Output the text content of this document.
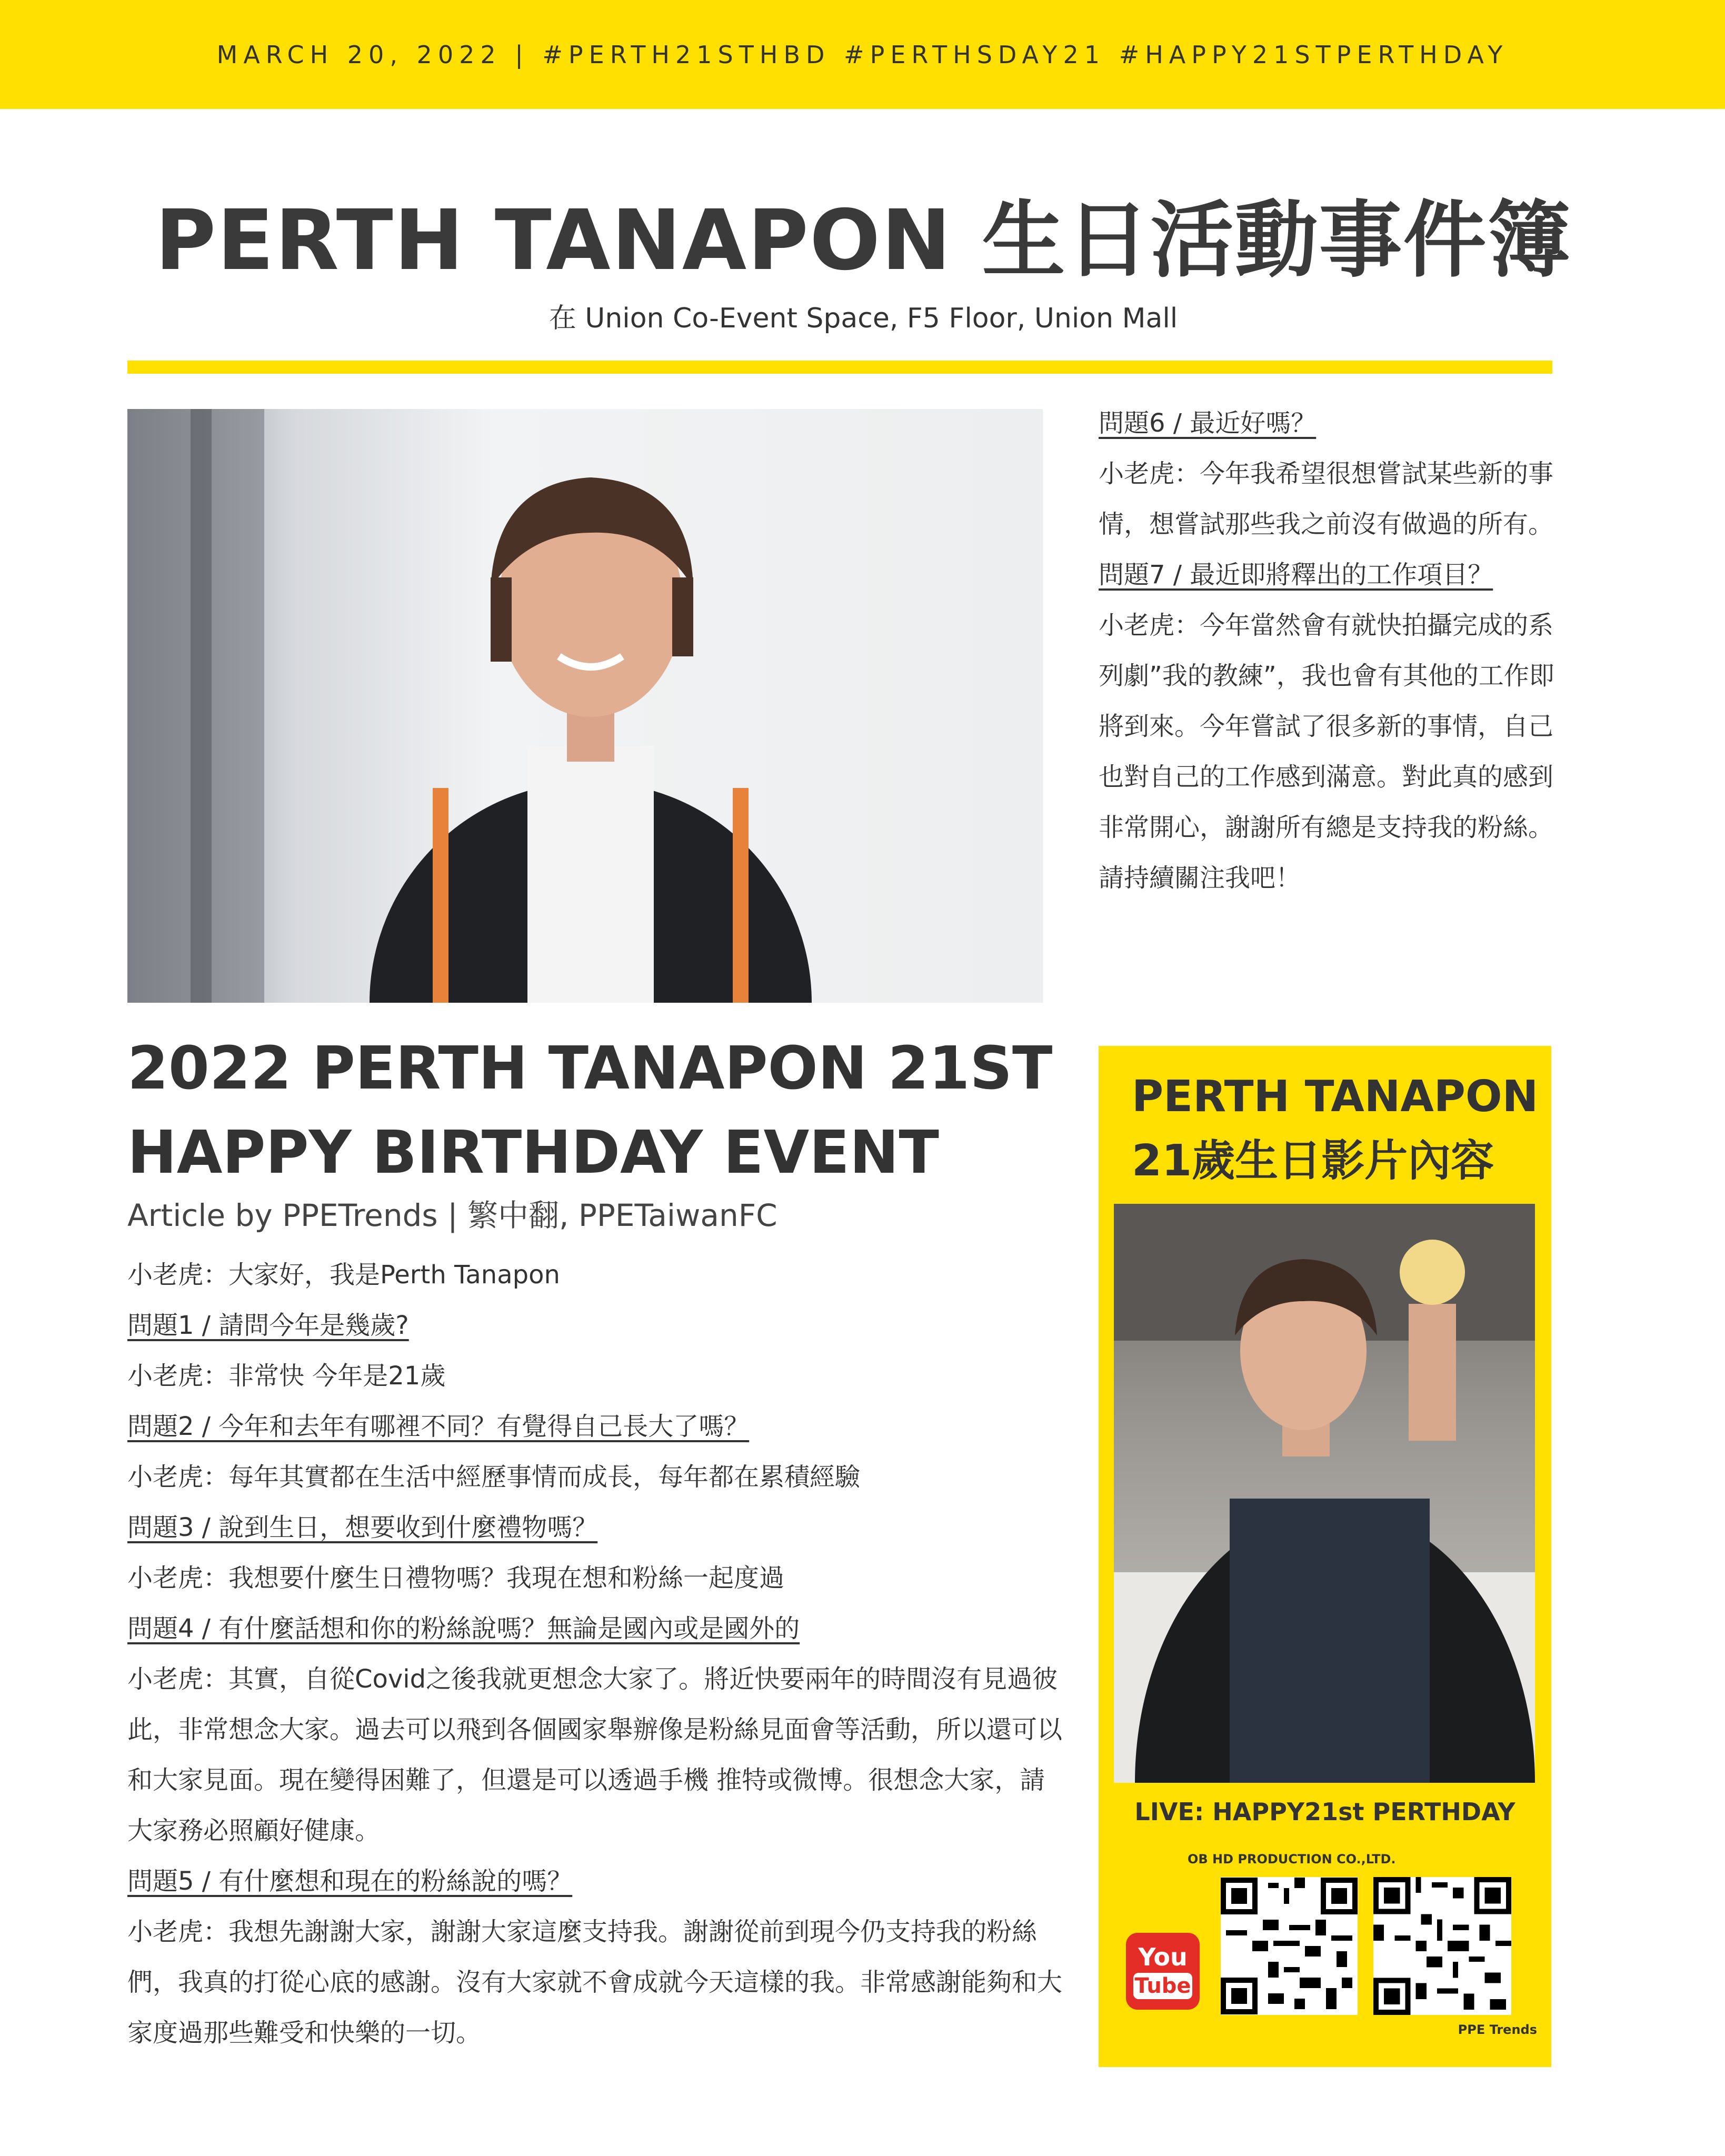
MARCH 20, 2022 | #PERTH21STHBD #PERTHSDAY21 #HAPPY21STPERTHDAY
PERTH TANAPON 生日活動事件簿
在 Union Co-Event Space, F5 Floor, Union Mall
2022 PERTH TANAPON 21ST HAPPY BIRTHDAY EVENT
Article by PPETrends | 繁中翻, PPETaiwanFC
小老虎：大家好，我是Perth Tanapon
問題1 / 請問今年是幾歲?
小老虎：非常快 今年是21歲
問題2 / 今年和去年有哪裡不同？有覺得自己長大了嗎？
小老虎：每年其實都在生活中經歷事情而成長，每年都在累積經驗
問題3 / 說到生日，想要收到什麼禮物嗎？
小老虎：我想要什麼生日禮物嗎？我現在想和粉絲一起度過
問題4 / 有什麼話想和你的粉絲說嗎？無論是國內或是國外的
小老虎：其實，自從Covid之後我就更想念大家了。將近快要兩年的時間沒有見過彼此，非常想念大家。過去可以飛到各個國家舉辦像是粉絲見面會等活動，所以還可以和大家見面。現在變得困難了，但還是可以透過手機 推特或微博。很想念大家，請大家務必照顧好健康。
問題5 / 有什麼想和現在的粉絲說的嗎？
小老虎：我想先謝謝大家，謝謝大家這麼支持我。謝謝從前到現今仍支持我的粉絲們，我真的打從心底的感謝。沒有大家就不會成就今天這樣的我。非常感謝能夠和大家度過那些難受和快樂的一切。
問題6 / 最近好嗎？
小老虎：今年我希望很想嘗試某些新的事情，想嘗試那些我之前沒有做過的所有。
問題7 / 最近即將釋出的工作項目？
小老虎：今年當然會有就快拍攝完成的系列劇”我的教練”，我也會有其他的工作即將到來。今年嘗試了很多新的事情，自己也對自己的工作感到滿意。對此真的感到非常開心，謝謝所有總是支持我的粉絲。請持續關注我吧！
PERTH TANAPON 21歲生日影片內容
LIVE: HAPPY21st PERTHDAY
OB HD PRODUCTION CO.,LTD.
You
Tube
PPE Trends
